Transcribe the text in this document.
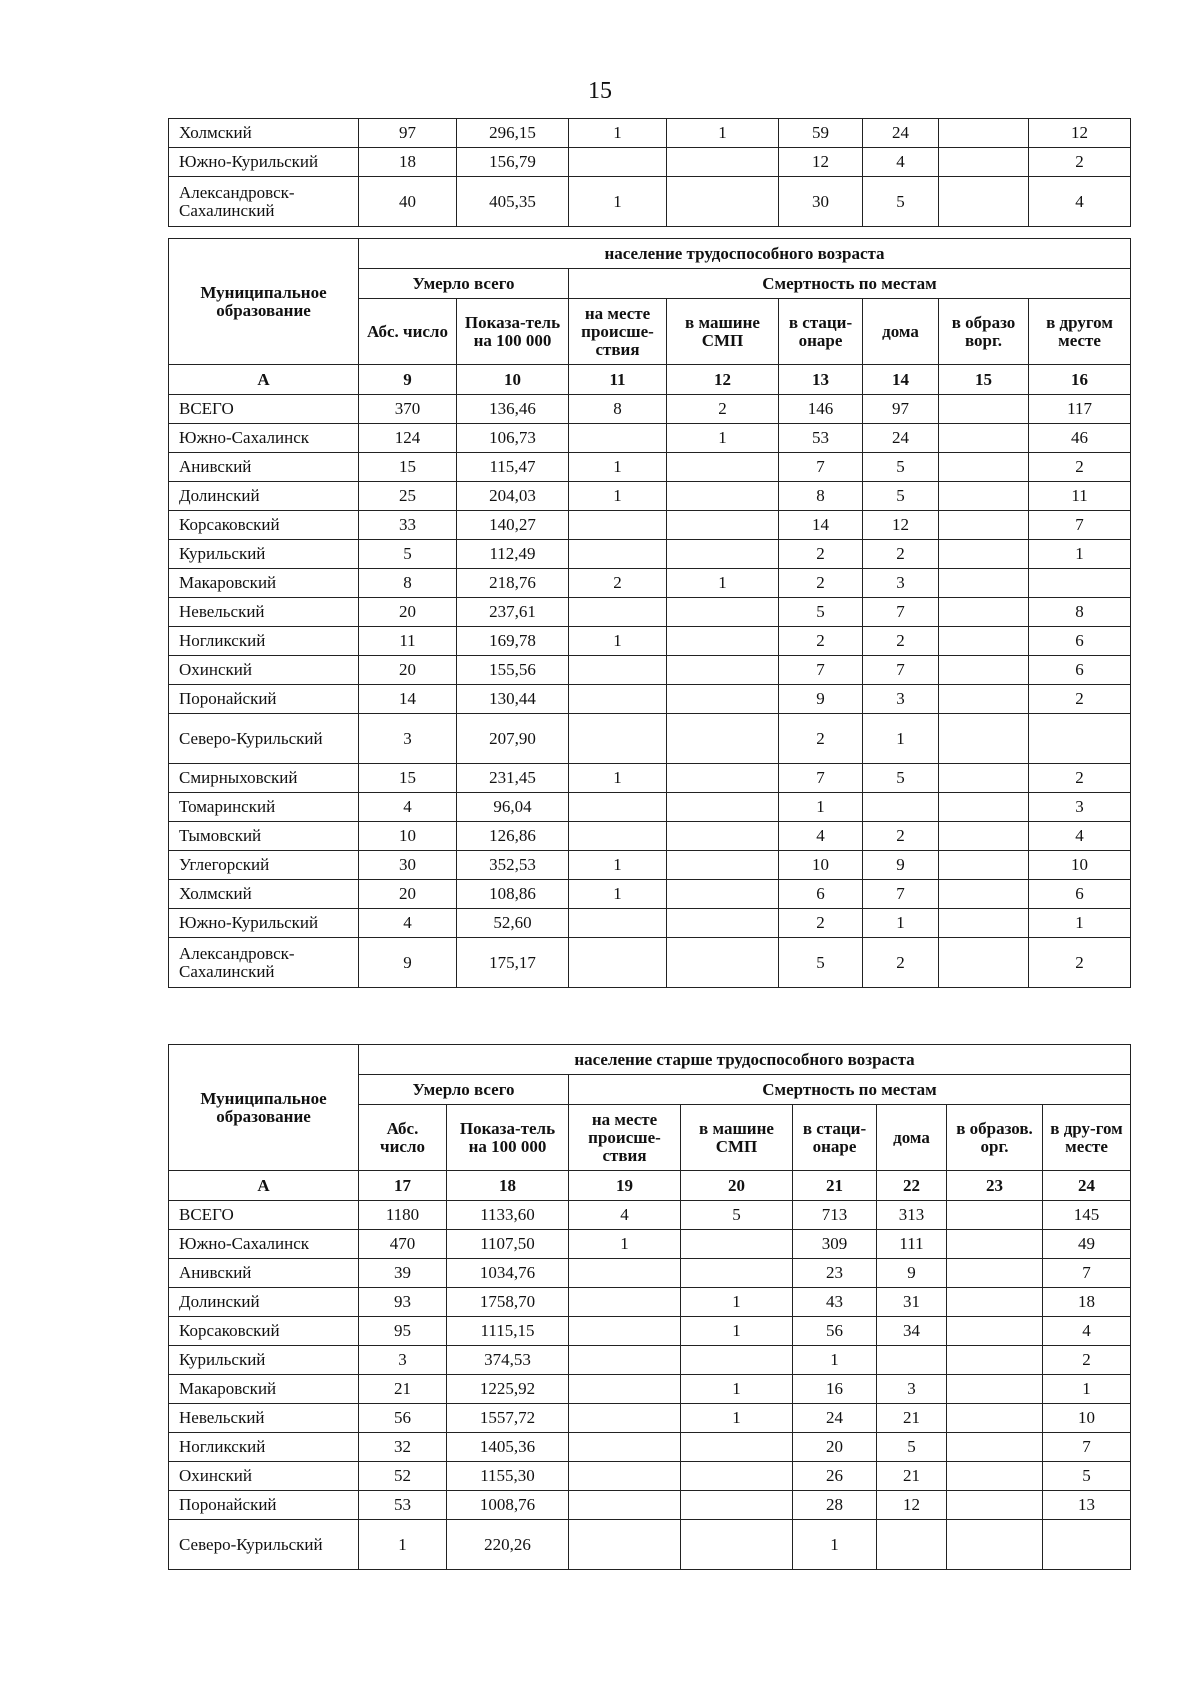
15
Холмский	97	296,15	1	1	59	24		12
Южно-Курильский	18	156,79			12	4		2
Александровск-Сахалинский	40	405,35	1		30	5		4
Муниципальное образование	население трудоспособного возраста							
	Умерло всего		Смертность по местам					
	Абс. число	Показа-тель на 100 000	на месте происше-ствия	в машине СМП	в стаци-онаре	дома	в образо ворг.	в другом месте
А	9	10	11	12	13	14	15	16
ВСЕГО	370	136,46	8	2	146	97		117
Южно-Сахалинск	124	106,73		1	53	24		46
Анивский	15	115,47	1		7	5		2
Долинский	25	204,03	1		8	5		11
Корсаковский	33	140,27			14	12		7
Курильский	5	112,49			2	2		1
Макаровский	8	218,76	2	1	2	3		
Невельский	20	237,61			5	7		8
Ногликский	11	169,78	1		2	2		6
Охинский	20	155,56			7	7		6
Поронайский	14	130,44			9	3		2
Северо-Курильский	3	207,90			2	1		
Смирныховский	15	231,45	1		7	5		2
Томаринский	4	96,04			1			3
Тымовский	10	126,86			4	2		4
Углегорский	30	352,53	1		10	9		10
Холмский	20	108,86	1		6	7		6
Южно-Курильский	4	52,60			2	1		1
Александровск-Сахалинский	9	175,17			5	2		2
Муниципальное образование	население старше трудоспособного возраста							
	Умерло всего		Смертность по местам					
	Абс. число	Показа-тель на 100 000	на месте происше-ствия	в машине СМП	в стаци-онаре	дома	в образов. орг.	в дру-гом месте
А	17	18	19	20	21	22	23	24
ВСЕГО	1180	1133,60	4	5	713	313		145
Южно-Сахалинск	470	1107,50	1		309	111		49
Анивский	39	1034,76			23	9		7
Долинский	93	1758,70		1	43	31		18
Корсаковский	95	1115,15		1	56	34		4
Курильский	3	374,53			1			2
Макаровский	21	1225,92		1	16	3		1
Невельский	56	1557,72		1	24	21		10
Ногликский	32	1405,36			20	5		7
Охинский	52	1155,30			26	21		5
Поронайский	53	1008,76			28	12		13
Северо-Курильский	1	220,26			1			
